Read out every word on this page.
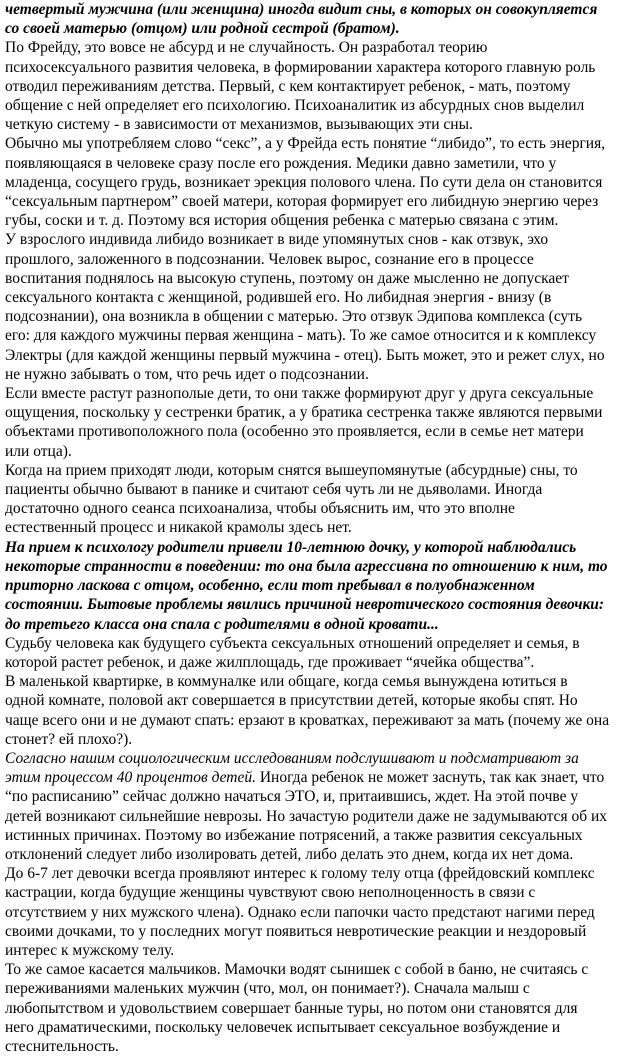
четвертый мужчина (или женщина) иногда видит сны, в которых он совокупляется со своей матерью (отцом) или родной сестрой (братом).

По Фрейду, это вовсе не абсурд и не случайность. Он разработал теорию психосексуального развития человека, в формировании характера которого главную роль отводил переживаниям детства. Первый, с кем контактирует ребенок, - мать, поэтому общение с ней определяет его психологию. Психоаналитик из абсурдных снов выделил четкую систему - в зависимости от механизмов, вызывающих эти сны.

Обычно мы употребляем слово “секс”, а у Фрейда есть понятие “либидо”, то есть энергия, появляющаяся в человеке сразу после его рождения. Медики давно заметили, что у младенца, сосущего грудь, возникает эрекция полового члена. По сути дела он становится “сексуальным партнером” своей матери, которая формирует его либидную энергию через губы, соски и т. д. Поэтому вся история общения ребенка с матерью связана с этим.

У взрослого индивида либидо возникает в виде упомянутых снов - как отзвук, эхо прошлого, заложенного в подсознании. Человек вырос, сознание его в процессе воспитания поднялось на высокую ступень, поэтому он даже мысленно не допускает сексуального контакта с женщиной, родившей его. Но либидная энергия - внизу (в подсознании), она возникла в общении с матерью. Это отзвук Эдипова комплекса (суть его: для каждого мужчины первая женщина - мать). То же самое относится и к комплексу Электры (для каждой женщины первый мужчина - отец). Быть может, это и режет слух, но не нужно забывать о том, что речь идет о подсознании.

Если вместе растут разнополые дети, то они также формируют друг у друга сексуальные ощущения, поскольку у сестренки братик, а у братика сестренка также являются первыми объектами противоположного пола (особенно это проявляется, если в семье нет матери или отца).

Когда на прием приходят люди, которым снятся вышеупомянутые (абсурдные) сны, то пациенты обычно бывают в панике и считают себя чуть ли не дьяволами. Иногда достаточно одного сеанса психоанализа, чтобы объяснить им, что это вполне естественный процесс и никакой крамолы здесь нет.

На прием к психологу родители привели 10-летнюю дочку, у которой наблюдались некоторые странности в поведении: то она была агрессивна по отношению к ним, то приторно ласкова с отцом, особенно, если тот пребывал в полуобнаженном состоянии. Бытовые проблемы явились причиной невротического состояния девочки: до третьего класса она спала с родителями в одной кровати...

Судьбу человека как будущего субъекта сексуальных отношений определяет и семья, в которой растет ребенок, и даже жилплощадь, где проживает “ячейка общества”.

В маленькой квартирке, в коммуналке или общаге, когда семья вынуждена ютиться в одной комнате, половой акт совершается в присутствии детей, которые якобы спят. Но чаще всего они и не думают спать: ерзают в кроватках, переживают за мать (почему же она стонет? ей плохо?).

Согласно нашим социологическим исследованиям подслушивают и подсматривают за этим процессом 40 процентов детей. Иногда ребенок не может заснуть, так как знает, что “по расписанию” сейчас должно начаться ЭТО, и, притаившись, ждет. На этой почве у детей возникают сильнейшие неврозы. Но зачастую родители даже не задумываются об их истинных причинах. Поэтому во избежание потрясений, а также развития сексуальных отклонений следует либо изолировать детей, либо делать это днем, когда их нет дома.

До 6-7 лет девочки всегда проявляют интерес к голому телу отца (фрейдовский комплекс кастрации, когда будущие женщины чувствуют свою неполноценность в связи с отсутствием у них мужского члена). Однако если папочки часто предстают нагими перед своими дочками, то у последних могут появиться невротические реакции и нездоровый интерес к мужскому телу.

То же самое касается мальчиков. Мамочки водят сынишек с собой в баню, не считаясь с переживаниями маленьких мужчин (что, мол, он понимает?). Сначала малыш с любопытством и удовольствием совершает банные туры, но потом они становятся для него драматическими, поскольку человечек испытывает сексуальное возбуждение и стеснительность.
